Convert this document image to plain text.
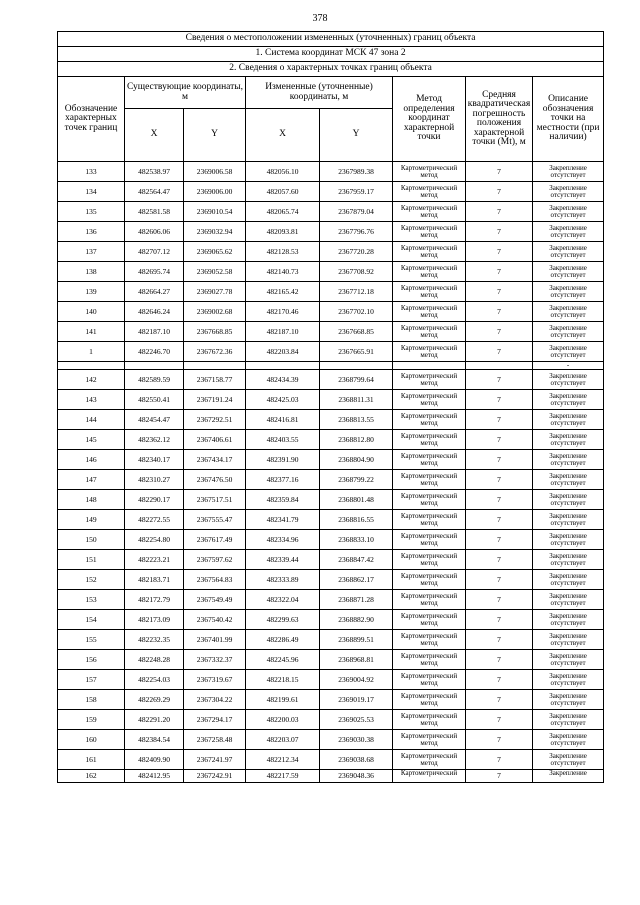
378
Сведения о местоположении измененных (уточненных) границ объекта							
1. Система координат МСК 47 зона 2							
2. Сведения о характерных точках границ объекта							
Обозначение характерных точек границ	Существующие координаты, м		Измененные (уточненные) координаты, м		Метод определения координат характерной точки	Средняя квадратическая погрешность положения характерной точки (Mt), м	Описание обозначения точки на местности (при наличии)
	X	Y	X	Y			
133	482538.97	2369006.58	482056.10	2367989.38	Картометрический метод	7	Закрепление отсутствует
134	482564.47	2369006.00	482057.60	2367959.17	Картометрический метод	7	Закрепление отсутствует
135	482581.58	2369010.54	482065.74	2367879.04	Картометрический метод	7	Закрепление отсутствует
136	482606.06	2369032.94	482093.81	2367796.76	Картометрический метод	7	Закрепление отсутствует
137	482707.12	2369065.62	482128.53	2367720.28	Картометрический метод	7	Закрепление отсутствует
138	482695.74	2369052.58	482140.73	2367708.92	Картометрический метод	7	Закрепление отсутствует
139	482664.27	2369027.78	482165.42	2367712.18	Картометрический метод	7	Закрепление отсутствует
140	482646.24	2369002.68	482170.46	2367702.10	Картометрический метод	7	Закрепление отсутствует
141	482187.10	2367668.85	482187.10	2367668.85	Картометрический метод	7	Закрепление отсутствует
1	482246.70	2367672.36	482203.84	2367665.91	Картометрический метод	7	Закрепление отсутствует
							-
142	482589.59	2367158.77	482434.39	2368799.64	Картометрический метод	7	Закрепление отсутствует
143	482550.41	2367191.24	482425.03	2368811.31	Картометрический метод	7	Закрепление отсутствует
144	482454.47	2367292.51	482416.81	2368813.55	Картометрический метод	7	Закрепление отсутствует
145	482362.12	2367406.61	482403.55	2368812.80	Картометрический метод	7	Закрепление отсутствует
146	482340.17	2367434.17	482391.90	2368804.90	Картометрический метод	7	Закрепление отсутствует
147	482310.27	2367476.50	482377.16	2368799.22	Картометрический метод	7	Закрепление отсутствует
148	482290.17	2367517.51	482359.84	2368801.48	Картометрический метод	7	Закрепление отсутствует
149	482272.55	2367555.47	482341.79	2368816.55	Картометрический метод	7	Закрепление отсутствует
150	482254.80	2367617.49	482334.96	2368833.10	Картометрический метод	7	Закрепление отсутствует
151	482223.21	2367597.62	482339.44	2368847.42	Картометрический метод	7	Закрепление отсутствует
152	482183.71	2367564.83	482333.89	2368862.17	Картометрический метод	7	Закрепление отсутствует
153	482172.79	2367549.49	482322.04	2368871.28	Картометрический метод	7	Закрепление отсутствует
154	482173.09	2367540.42	482299.63	2368882.90	Картометрический метод	7	Закрепление отсутствует
155	482232.35	2367401.99	482286.49	2368899.51	Картометрический метод	7	Закрепление отсутствует
156	482248.28	2367332.37	482245.96	2368968.81	Картометрический метод	7	Закрепление отсутствует
157	482254.03	2367319.67	482218.15	2369004.92	Картометрический метод	7	Закрепление отсутствует
158	482269.29	2367304.22	482199.61	2369019.17	Картометрический метод	7	Закрепление отсутствует
159	482291.20	2367294.17	482200.03	2369025.53	Картометрический метод	7	Закрепление отсутствует
160	482384.54	2367258.48	482203.07	2369030.38	Картометрический метод	7	Закрепление отсутствует
161	482409.90	2367241.97	482212.34	2369038.68	Картометрический метод	7	Закрепление отсутствует
162	482412.95	2367242.91	482217.59	2369048.36	Картометрический	7	Закрепление
